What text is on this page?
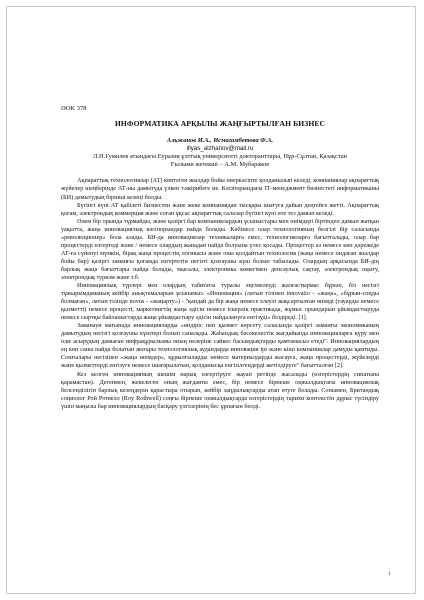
ӘОК 378
ИНФОРМАТИКА АРҚЫЛЫ ЖАҢҒЫРТЫЛҒАН БИЗНЕС
Альжанов И.А., Исмагамбетова Ф.А.
illyas_alzhanov@mail.ru
Л.Н.Гумилев атындағы Еуразия ұлттық университеті докторанттары, Нұр-Сұлтан, Қазақстан
Ғылыми жетекші – А.М. Мубараков

Ақпараттық технологиялар (АТ) көптеген жылдар бойы өнеркәсіпте қолданылып келеді, компаниялар ақпараттық жүйелер шеңберінде АТ-ны дамытуда үлкен тәжірибеге ие. Кәсіпорындағы ІТ-менеджмент бизнестегі информатиканы (БИ) дамытудың бірінші кезеңі болды.

Бүгінгі күні АТ қабілеті бизнестен және жеке компаниядан тысқары шығуға дайын деңгейге жетті. Ақпараттық қоғам, электрондық коммерция және соған ұқсас ақпараттық салалар бүгінгі күні өте тез дамып келеді.

Әлем бір орында тұрмайды, және қазіргі бар компаниялардың ұсыныстары мен өнімдері біртіндеп дамып жатқан уақытта, жаңа инновациялық кәсіпорындар пайда болады. Көбінесе олар технологияның белгілі бір саласында «революционер» бола алады. БИ-да инновациялар техникаларға емес, технологияларға бағытталады, олар бар процестерді өзгертеді және / немесе олардың жанадан пайда болуына үлес қосады. Процестер аз немесе көп дәрежеде АТ-ға сүйенуі мүмкін, бірақ жаңа процестің логикасы және оны қолдайтын технология (жаңа немесе ондаған жылдар бойы бар) қазіргі заманғы қоғамда өзгертетін негізгі қозғаушы күш болып табылады. Олардың арқасында БИ-дің барлық жаңа бағыттары пайда болады, мысалы, электроника көмегімен денсаулық сақтау, электрондық оқыту, электрондық туризм және т.б.

Инновациялық түрлері мен олардың табиғаты туралы әңгімелеуді жалғастырмас бұрын, біз негізгі тұжырымдаманың кейбір анықтамаларын ұсынамыз. «Инновация» (латын тілінен innovatio - «жаңа», «бұрын-соңды болмаған», латын тілінде novus - «жаңарту») - "қандай да бір жаңа немесе елеулі жақсартылған өнімді (тауарды немесе қызметті) немесе процесті, маркетингтің жаңа әдісін немесе іскерлік практикада, жұмыс орындарын ұйымдастыруда немесе сыртқы байланыстарда жаңа ұйымдастыру әдісін пайдалануға енгізуді» білдіреді. [1].

Заманауи мағынада инновацияларды «өндіріс пен қызмет көрсету саласында қазіргі заманғы экономиканың дамытудың негізгі қозғаушы күштері болып саналады. Жаһандық бәсекелестік жағдайында инновацияларға қүру мен іске асырудың дамыған инфрақұрылымы оның нелеріне сәйкес басымдықтарды қамтамасыз етеді". Инновациялардың ең көп саны пайда болатын жоғары технологиялық аудандарда инновация ірі және кіші компаниялар дамуды қамтиды. Сонғылары негізінен «жаңа өнімдер», құрылғыларды немесе материалдарды жасауға, жаңа процестерді, жүйелерді және қызметтерді енгізуге немесе шығарылатын, қолданысқа енгізілгендерді жетілдіруге" бағытталған [2].

Кез келген инновацияның шешім нарық өзгертіруге жауап ретінде жасалады (өзгерістердің сипатына қарамастан). Дегенмен, жекелеген оның жағдаяты емес, бір немесе бірнеше оңжылдықтағы инновациялық белсенділігін барлық кезеңдерін қарастыра отырып, кейбір заңдылықтарды атап өтуге болады. Сонымен, Британдық социолог Рой Ротвелл (Roy Rothwell) соңғы бірнеше онжылдықтарда өзгерістердің тарихи контекстін дұрыс түсіндіру үшін маңызы бар инновациялардың басқару үлгілерінің бес ұрпағын бөлді.

1
